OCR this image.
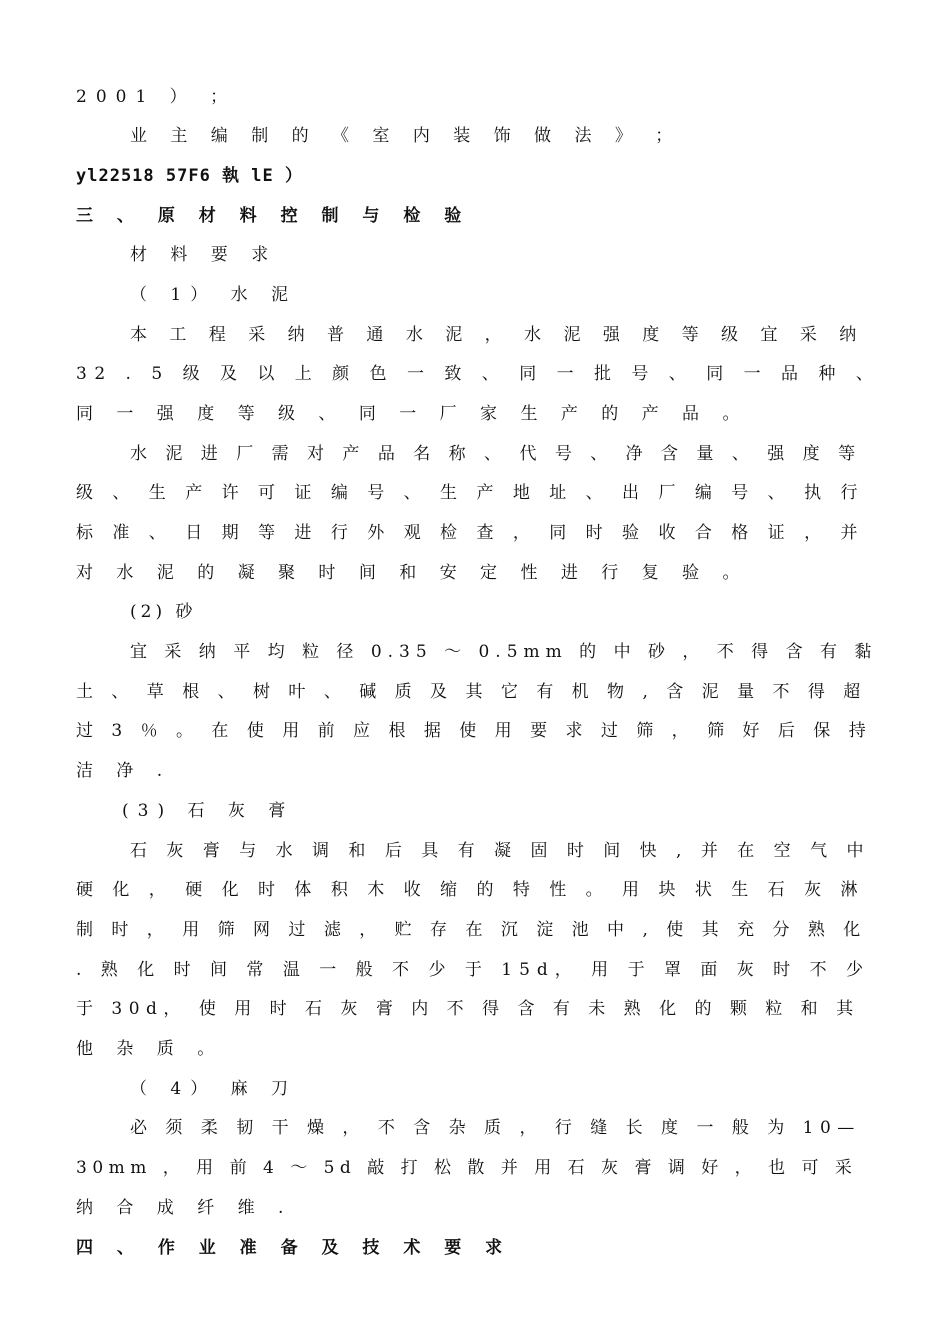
2001 ） ；
业 主 编 制 的 《 室 内 装 饰 做 法 》 ；
yl22518 57F6 執 lE ）
三 、 原 材 料 控 制 与 检 验
材 料 要 求
（ 1） 水 泥
本 工 程 采 纳 普 通 水 泥 ， 水 泥 强 度 等 级 宜 采 纳
32 . 5 级 及 以 上 颜 色 一 致 、 同 一 批 号 、 同 一 品 种 、
同 一 强 度 等 级 、 同 一 厂 家 生 产 的 产 品 。
水 泥 进 厂 需 对 产 品 名 称 、 代 号 、 净 含 量 、 强 度 等
级 、 生 产 许 可 证 编 号 、 生 产 地 址 、 出 厂 编 号 、 执 行
标 准 、 日 期 等 进 行 外 观 检 查 ， 同 时 验 收 合 格 证 ， 并
对 水 泥 的 凝 聚 时 间 和 安 定 性 进 行 复 验 。
(2) 砂
宜 采 纳 平 均 粒 径 0.35 ～ 0.5mm 的 中 砂 ， 不 得 含 有 黏
土 、 草 根 、 树 叶 、 碱 质 及 其 它 有 机 物 , 含 泥 量 不 得 超
过 3 ％ 。 在 使 用 前 应 根 据 使 用 要 求 过 筛 ， 筛 好 后 保 持
洁 净 .
(3) 石 灰 膏
石 灰 膏 与 水 调 和 后 具 有 凝 固 时 间 快 , 并 在 空 气 中
硬 化 ， 硬 化 时 体 积 木 收 缩 的 特 性 。 用 块 状 生 石 灰 淋
制 时 ， 用 筛 网 过 滤 ， 贮 存 在 沉 淀 池 中 , 使 其 充 分 熟 化
. 熟 化 时 间 常 温 一 般 不 少 于 15d， 用 于 罩 面 灰 时 不 少
于 30d， 使 用 时 石 灰 膏 内 不 得 含 有 未 熟 化 的 颗 粒 和 其
他 杂 质 。
（ 4） 麻 刀
必 须 柔 韧 干 燥 ， 不 含 杂 质 ， 行 缝 长 度 一 般 为 10—
30mm ， 用 前 4 ～ 5d 敲 打 松 散 并 用 石 灰 膏 调 好 ， 也 可 采
纳 合 成 纤 维 .
四 、 作 业 准 备 及 技 术 要 求
